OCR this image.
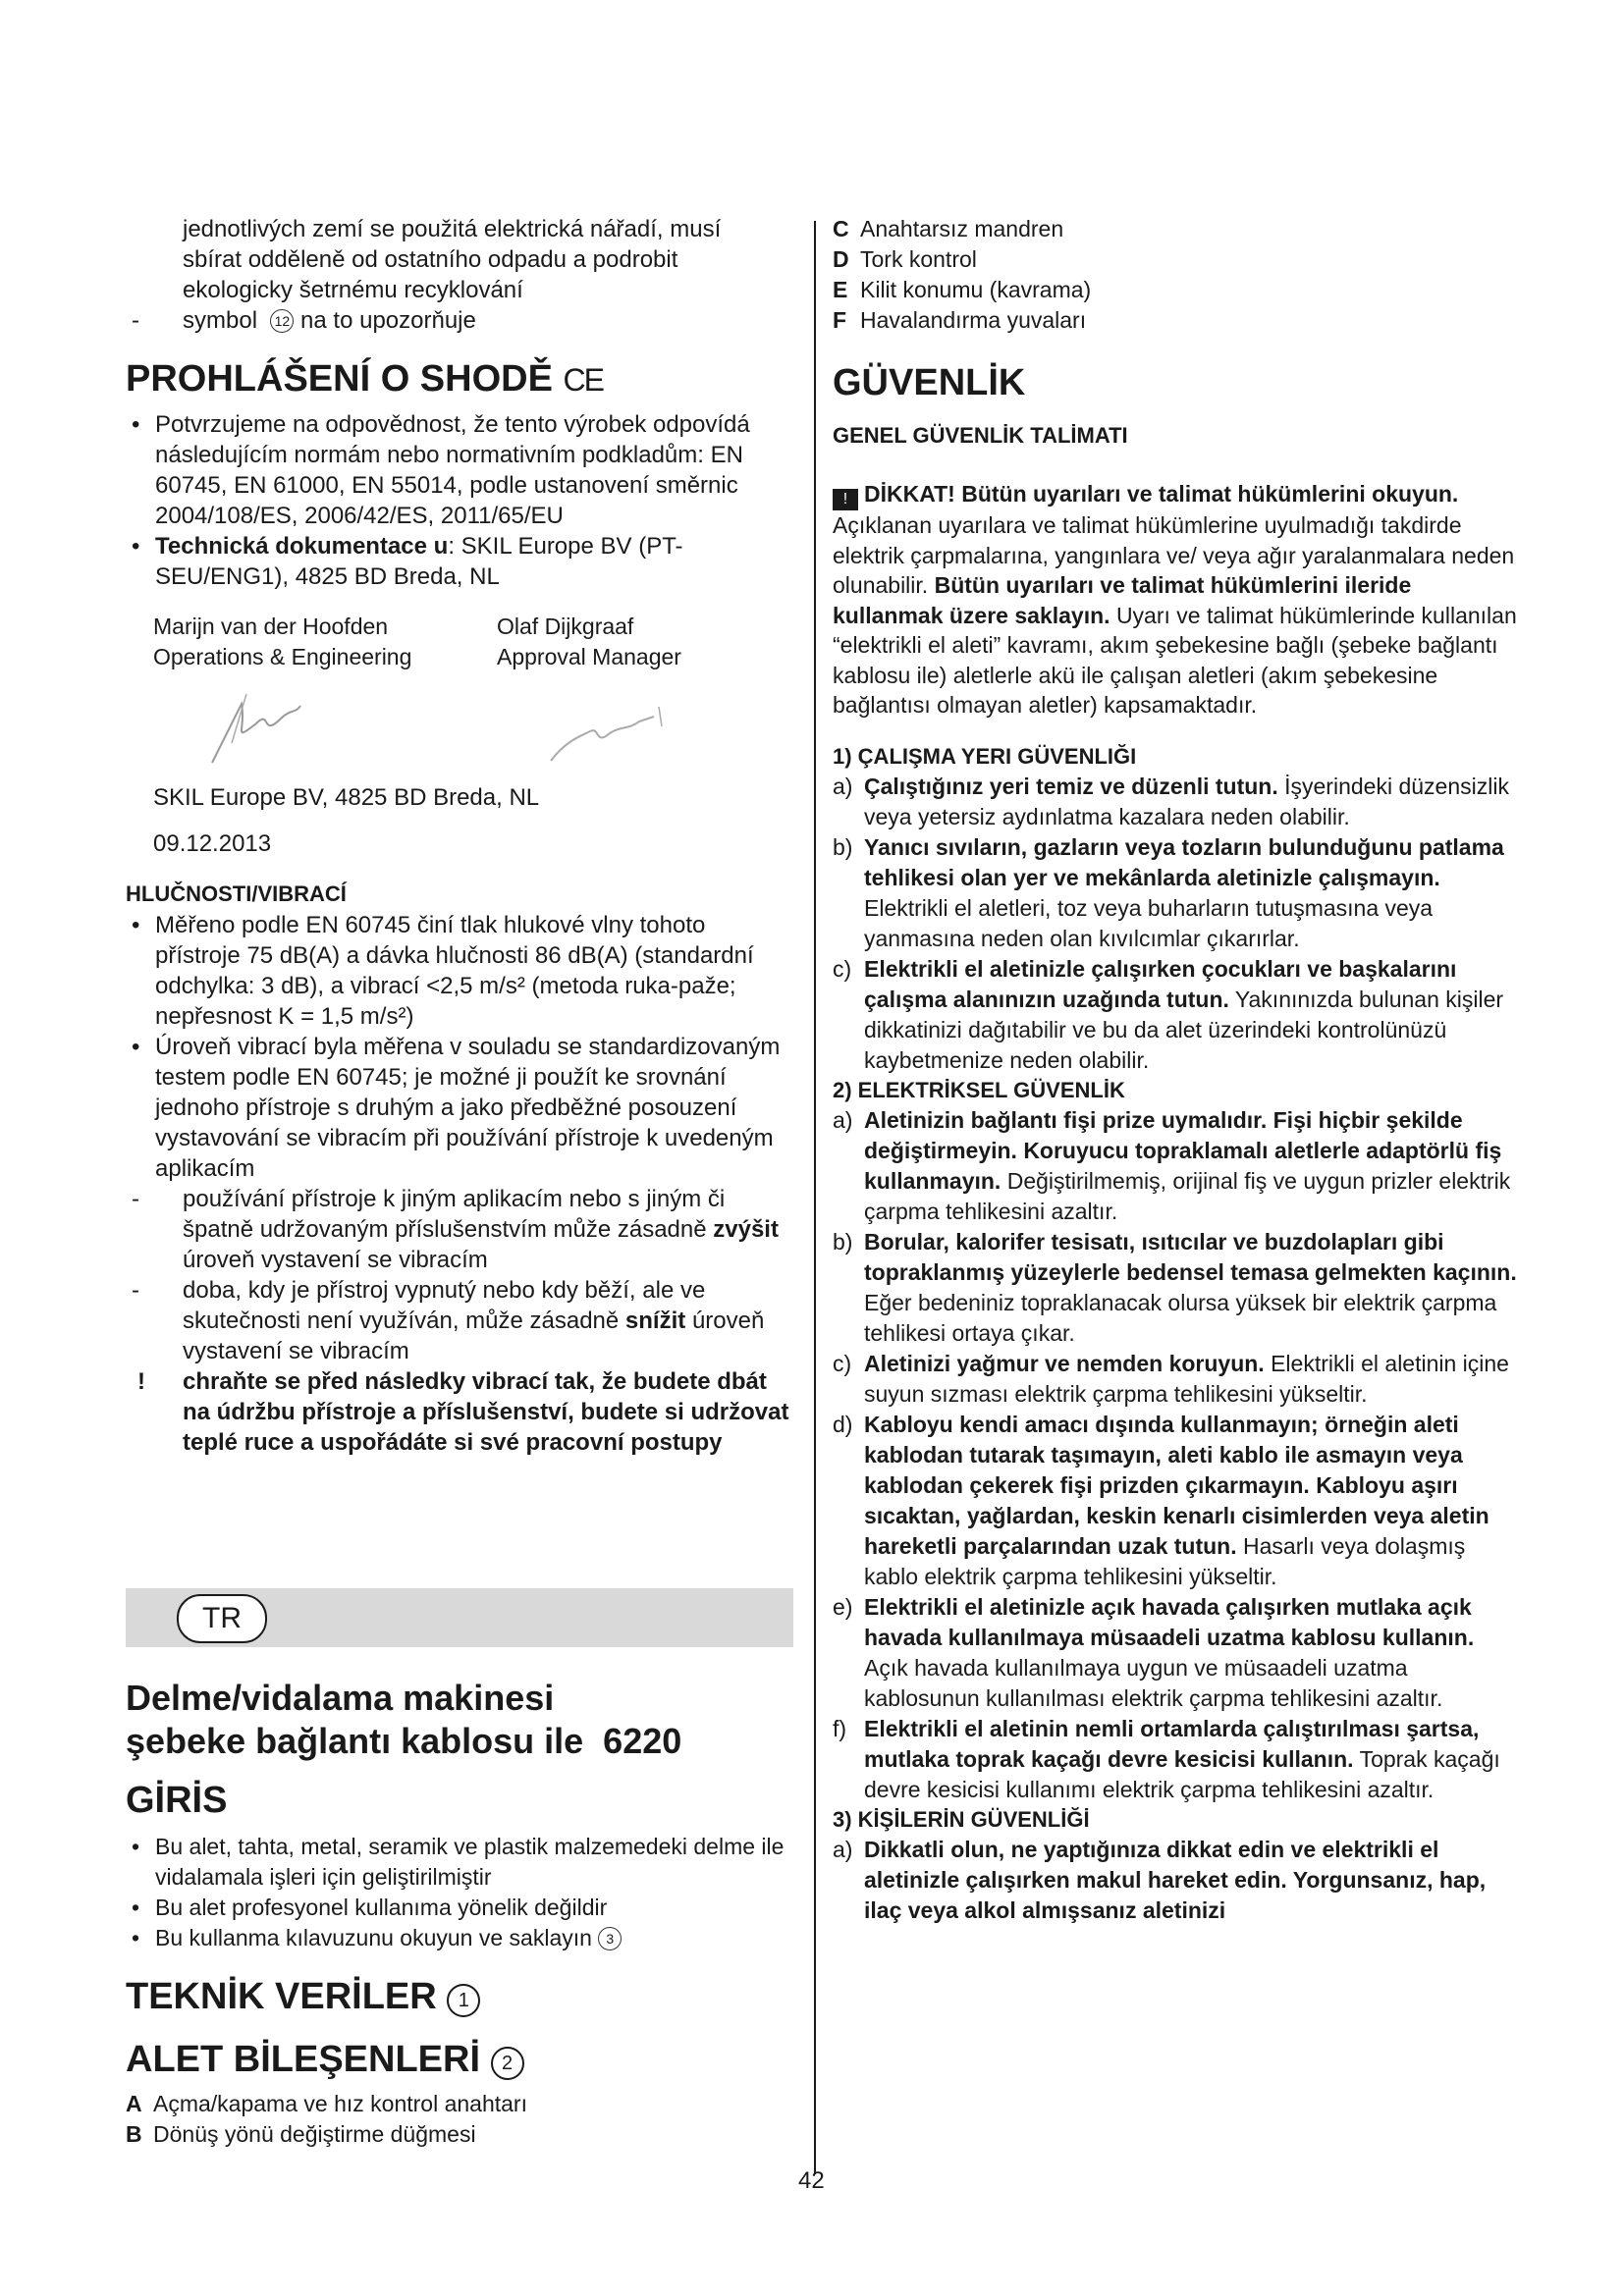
jednotlivých zemí se použitá elektrická nářadí, musí
sbírat odděleně od ostatního odpadu a podrobit
ekologicky šetrnému recyklování
- symbol 12 na to upozorňuje
PROHLÁŠENÍ O SHODĚ CE
• Potvrzujeme na odpovědnost, že tento výrobek odpovídá následujícím normám nebo normativním podkladům: EN 60745, EN 61000, EN 55014, podle ustanovení směrnic 2004/108/ES, 2006/42/ES, 2011/65/EU
• Technická dokumentace u: SKIL Europe BV (PT-SEU/ENG1), 4825 BD Breda, NL
Marijn van der Hoofden	Olaf Dijkgraaf
Operations & Engineering	Approval Manager
SKIL Europe BV, 4825 BD Breda, NL
09.12.2013
HLUČNOSTI/VIBRACÍ
• Měřeno podle EN 60745 činí tlak hlukové vlny tohoto přístroje 75 dB(A) a dávka hlučnosti 86 dB(A) (standardní odchylka: 3 dB), a vibrací <2,5 m/s² (metoda ruka-paže; nepřesnost K = 1,5 m/s²)
• Úroveň vibrací byla měřena v souladu se standardizovaným testem podle EN 60745; je možné ji použít ke srovnání jednoho přístroje s druhým a jako předběžné posouzení vystavování se vibracím při používání přístroje k uvedeným aplikacím
- používání přístroje k jiným aplikacím nebo s jiným či špatně udržovaným příslušenstvím může zásadně zvýšit úroveň vystavení se vibracím
- doba, kdy je přístroj vypnutý nebo kdy běží, ale ve skutečnosti není využíván, může zásadně snížit úroveň vystavení se vibracím
! chraňte se před následky vibrací tak, že budete dbát na údržbu přístroje a příslušenství, budete si udržovat teplé ruce a uspořádáte si své pracovní postupy
TR
Delme/vidalama makinesi
şebeke bağlantı kablosu ile  6220
GİRİS
• Bu alet, tahta, metal, seramik ve plastik malzemedeki delme ile vidalamala işleri için geliştirilmiştir
• Bu alet profesyonel kullanıma yönelik değildir
• Bu kullanma kılavuzunu okuyun ve saklayın 3
TEKNİK VERİLER 1
ALET BİLEŞENLERİ 2
A Açma/kapama ve hız kontrol anahtarı
B Dönüş yönü değiştirme düğmesi
C Anahtarsız mandren
D Tork kontrol
E Kilit konumu (kavrama)
F Havalandırma yuvaları
GÜVENLİK
GENEL GÜVENLİK TALİMATI
! DİKKAT! Bütün uyarıları ve talimat hükümlerini okuyun. Açıklanan uyarılara ve talimat hükümlerine uyulmadığı takdirde elektrik çarpmalarına, yangınlara ve/ veya ağır yaralanmalara neden olunabilir. Bütün uyarıları ve talimat hükümlerini ileride kullanmak üzere saklayın. Uyarı ve talimat hükümlerinde kullanılan “elektrikli el aleti” kavramı, akım şebekesine bağlı (şebeke bağlantı kablosu ile) aletlerle akü ile çalışan aletleri (akım şebekesine bağlantısı olmayan aletler) kapsamaktadır.
1) ÇALIŞMA YERI GÜVENLIĞI
a) Çalıştığınız yeri temiz ve düzenli tutun. İşyerindeki düzensizlik veya yetersiz aydınlatma kazalara neden olabilir.
b) Yanıcı sıvıların, gazların veya tozların bulunduğunu patlama tehlikesi olan yer ve mekânlarda aletinizle çalışmayın. Elektrikli el aletleri, toz veya buharların tutuşmasına veya yanmasına neden olan kıvılcımlar çıkarırlar.
c) Elektrikli el aletinizle çalışırken çocukları ve başkalarını çalışma alanınızın uzağında tutun. Yakınınızda bulunan kişiler dikkatinizi dağıtabilir ve bu da alet üzerindeki kontrolünüzü kaybetmenize neden olabilir.
2) ELEKTRİKSEL GÜVENLİK
a) Aletinizin bağlantı fişi prize uymalıdır. Fişi hiçbir şekilde değiştirmeyin. Koruyucu topraklamalı aletlerle adaptörlü fiş kullanmayın. Değiştirilmemiş, orijinal fiş ve uygun prizler elektrik çarpma tehlikesini azaltır.
b) Borular, kalorifer tesisatı, ısıtıcılar ve buzdolapları gibi topraklanmış yüzeylerle bedensel temasa gelmekten kaçının. Eğer bedeniniz topraklanacak olursa yüksek bir elektrik çarpma tehlikesi ortaya çıkar.
c) Aletinizi yağmur ve nemden koruyun. Elektrikli el aletinin içine suyun sızması elektrik çarpma tehlikesini yükseltir.
d) Kabloyu kendi amacı dışında kullanmayın; örneğin aleti kablodan tutarak taşımayın, aleti kablo ile asmayın veya kablodan çekerek fişi prizden çıkarmayın. Kabloyu aşırı sıcaktan, yağlardan, keskin kenarlı cisimlerden veya aletin hareketli parçalarından uzak tutun. Hasarlı veya dolaşmış kablo elektrik çarpma tehlikesini yükseltir.
e) Elektrikli el aletinizle açık havada çalışırken mutlaka açık havada kullanılmaya müsaadeli uzatma kablosu kullanın. Açık havada kullanılmaya uygun ve müsaadeli uzatma kablosunun kullanılması elektrik çarpma tehlikesini azaltır.
f) Elektrikli el aletinin nemli ortamlarda çalıştırılması şartsa, mutlaka toprak kaçağı devre kesicisi kullanın. Toprak kaçağı devre kesicisi kullanımı elektrik çarpma tehlikesini azaltır.
3) KİŞİLERİN GÜVENLİĞİ
a) Dikkatli olun, ne yaptığınıza dikkat edin ve elektrikli el aletinizle çalışırken makul hareket edin. Yorgunsanız, hap, ilaç veya alkol almışsanız aletinizi
42
